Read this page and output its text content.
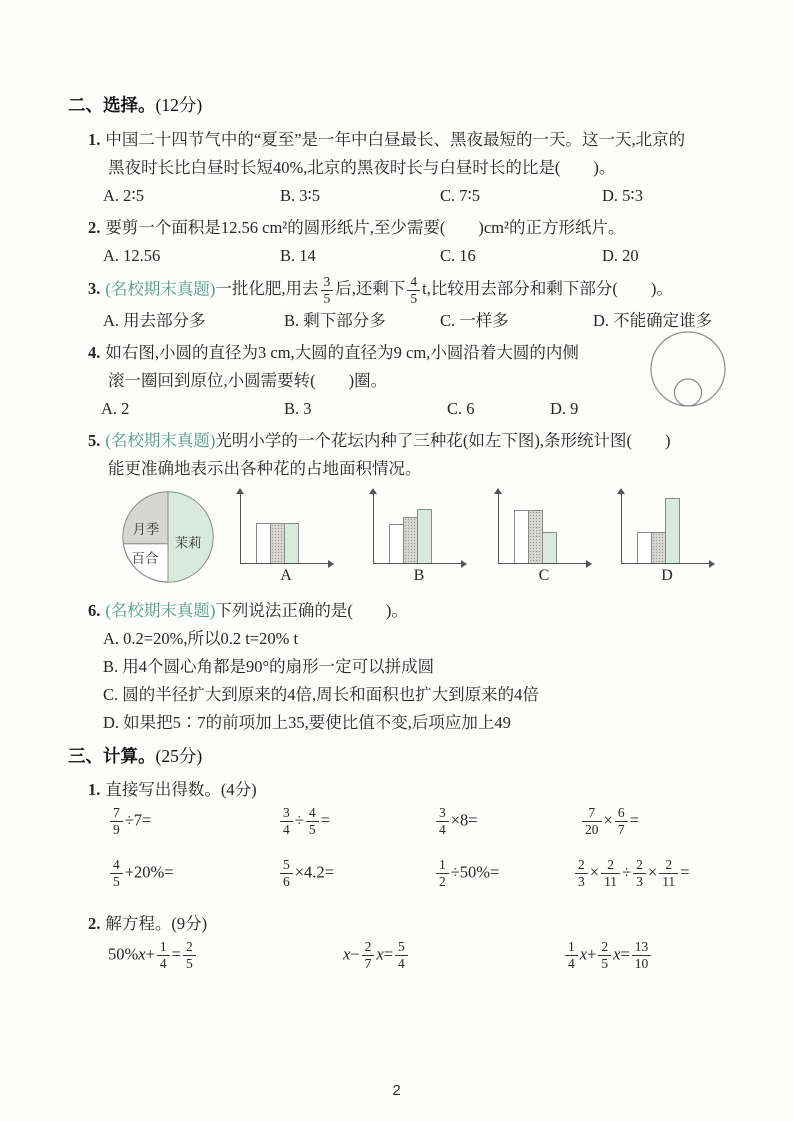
二、选择。(12分)
1. 中国二十四节气中的“夏至”是一年中白昼最长、黑夜最短的一天。这一天,北京的
黑夜时长比白昼时长短40%,北京的黑夜时长与白昼时长的比是(　　)。
A. 2∶5	B. 3∶5	C. 7∶5	D. 5∶3
2. 要剪一个面积是12.56 cm²的圆形纸片,至少需要(　　)cm²的正方形纸片。
A. 12.56	B. 14	C. 16	D. 20
3. (名校期末真题)一批化肥,用去 $\frac{3}{5}$ 后,还剩下 $\frac{4}{5} t$,比较用去部分和剩下部分(　　)。
A. 用去部分多	B. 剩下部分多	C. 一样多	D. 不能确定谁多
4. 如右图,小圆的直径为3 cm,大圆的直径为9 cm,小圆沿着大圆的内侧
滚一圈回到原位,小圆需要转(　　)圈。
A. 2	B. 3	C. 6	D. 9
5. (名校期末真题)光明小学的一个花坛内种了三种花(如左下图),条形统计图(　　)
能更准确地表示出各种花的占地面积情况。
月季
百合
茉莉
A	B	C	D
6. (名校期末真题)下列说法正确的是(　　)。
A. 0.2=20%,所以0.2 t=20% t
B. 用4个圆心角都是90°的扇形一定可以拼成圆
C. 圆的半径扩大到原来的4倍,周长和面积也扩大到原来的4倍
D. 如果把5∶7的前项加上35,要使比值不变,后项应加上49
三、计算。(25分)
1. 直接写出得数。(4分)
$\frac{7}{9} \div 7=$	$\frac{3}{4} \div \frac{4}{5}$ =	$\frac{3}{4} \times 8=$	$\frac{7}{20} \times \frac{6}{7}$ =
$\frac{4}{5} +20\%=$	$\frac{5}{6} \times 4.2=$	$\frac{1}{2} \div 50\%=$	$\frac{2}{3} \times \frac{2}{11} \div \frac{2}{3} \times \frac{2}{11}$ =
2. 解方程。(9分)
$50\%x+ \frac{1}{4} = \frac{2}{5}$	$x- \frac{2}{7} x= \frac{5}{4}$	$\frac{1}{4} x+ \frac{2}{5} x= \frac{13}{10}$
2
